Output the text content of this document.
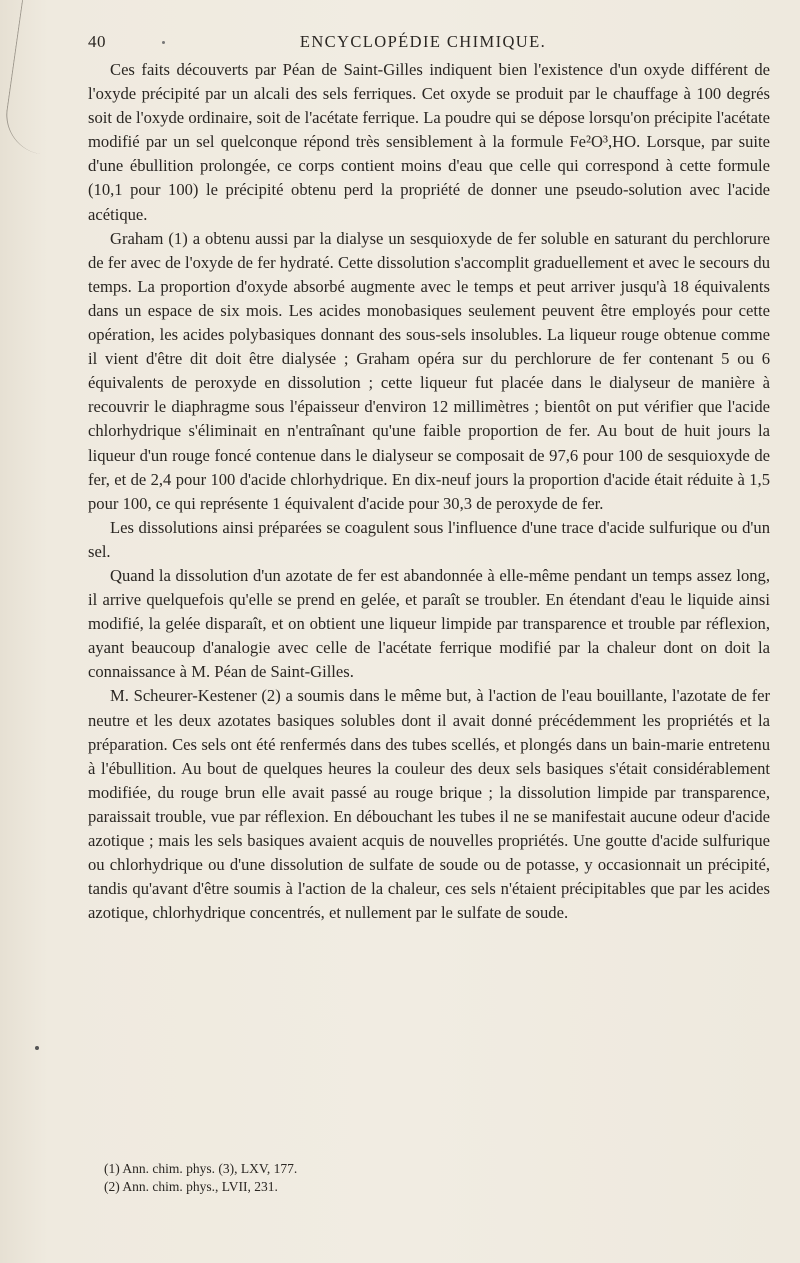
40	ENCYCLOPÉDIE CHIMIQUE.

Ces faits découverts par Péan de Saint-Gilles indiquent bien l'existence d'un oxyde différent de l'oxyde précipité par un alcali des sels ferriques. Cet oxyde se produit par le chauffage à 100 degrés soit de l'oxyde ordinaire, soit de l'acétate ferrique. La poudre qui se dépose lorsqu'on précipite l'acétate modifié par un sel quelconque répond très sensiblement à la formule Fe²O³,HO. Lorsque, par suite d'une ébullition prolongée, ce corps contient moins d'eau que celle qui correspond à cette formule (10,1 pour 100) le précipité obtenu perd la propriété de donner une pseudo-solution avec l'acide acétique.

Graham (1) a obtenu aussi par la dialyse un sesquioxyde de fer soluble en saturant du perchlorure de fer avec de l'oxyde de fer hydraté. Cette dissolution s'accomplit graduellement et avec le secours du temps. La proportion d'oxyde absorbé augmente avec le temps et peut arriver jusqu'à 18 équivalents dans un espace de six mois. Les acides monobasiques seulement peuvent être employés pour cette opération, les acides polybasiques donnant des sous-sels insolubles. La liqueur rouge obtenue comme il vient d'être dit doit être dialysée ; Graham opéra sur du perchlorure de fer contenant 5 ou 6 équivalents de peroxyde en dissolution ; cette liqueur fut placée dans le dialyseur de manière à recouvrir le diaphragme sous l'épaisseur d'environ 12 millimètres ; bientôt on put vérifier que l'acide chlorhydrique s'éliminait en n'entraînant qu'une faible proportion de fer. Au bout de huit jours la liqueur d'un rouge foncé contenue dans le dialyseur se composait de 97,6 pour 100 de sesquioxyde de fer, et de 2,4 pour 100 d'acide chlorhydrique. En dix-neuf jours la proportion d'acide était réduite à 1,5 pour 100, ce qui représente 1 équivalent d'acide pour 30,3 de peroxyde de fer.

Les dissolutions ainsi préparées se coagulent sous l'influence d'une trace d'acide sulfurique ou d'un sel.

Quand la dissolution d'un azotate de fer est abandonnée à elle-même pendant un temps assez long, il arrive quelquefois qu'elle se prend en gelée, et paraît se troubler. En étendant d'eau le liquide ainsi modifié, la gelée disparaît, et on obtient une liqueur limpide par transparence et trouble par réflexion, ayant beaucoup d'analogie avec celle de l'acétate ferrique modifié par la chaleur dont on doit la connaissance à M. Péan de Saint-Gilles.

M. Scheurer-Kestener (2) a soumis dans le même but, à l'action de l'eau bouillante, l'azotate de fer neutre et les deux azotates basiques solubles dont il avait donné précédemment les propriétés et la préparation. Ces sels ont été renfermés dans des tubes scellés, et plongés dans un bain-marie entretenu à l'ébullition. Au bout de quelques heures la couleur des deux sels basiques s'était considérablement modifiée, du rouge brun elle avait passé au rouge brique ; la dissolution limpide par transparence, paraissait trouble, vue par réflexion. En débouchant les tubes il ne se manifestait aucune odeur d'acide azotique ; mais les sels basiques avaient acquis de nouvelles propriétés. Une goutte d'acide sulfurique ou chlorhydrique ou d'une dissolution de sulfate de soude ou de potasse, y occasionnait un précipité, tandis qu'avant d'être soumis à l'action de la chaleur, ces sels n'étaient précipitables que par les acides azotique, chlorhydrique concentrés, et nullement par le sulfate de soude.

(1) Ann. chim. phys. (3), LXV, 177.
(2) Ann. chim. phys., LVII, 231.
